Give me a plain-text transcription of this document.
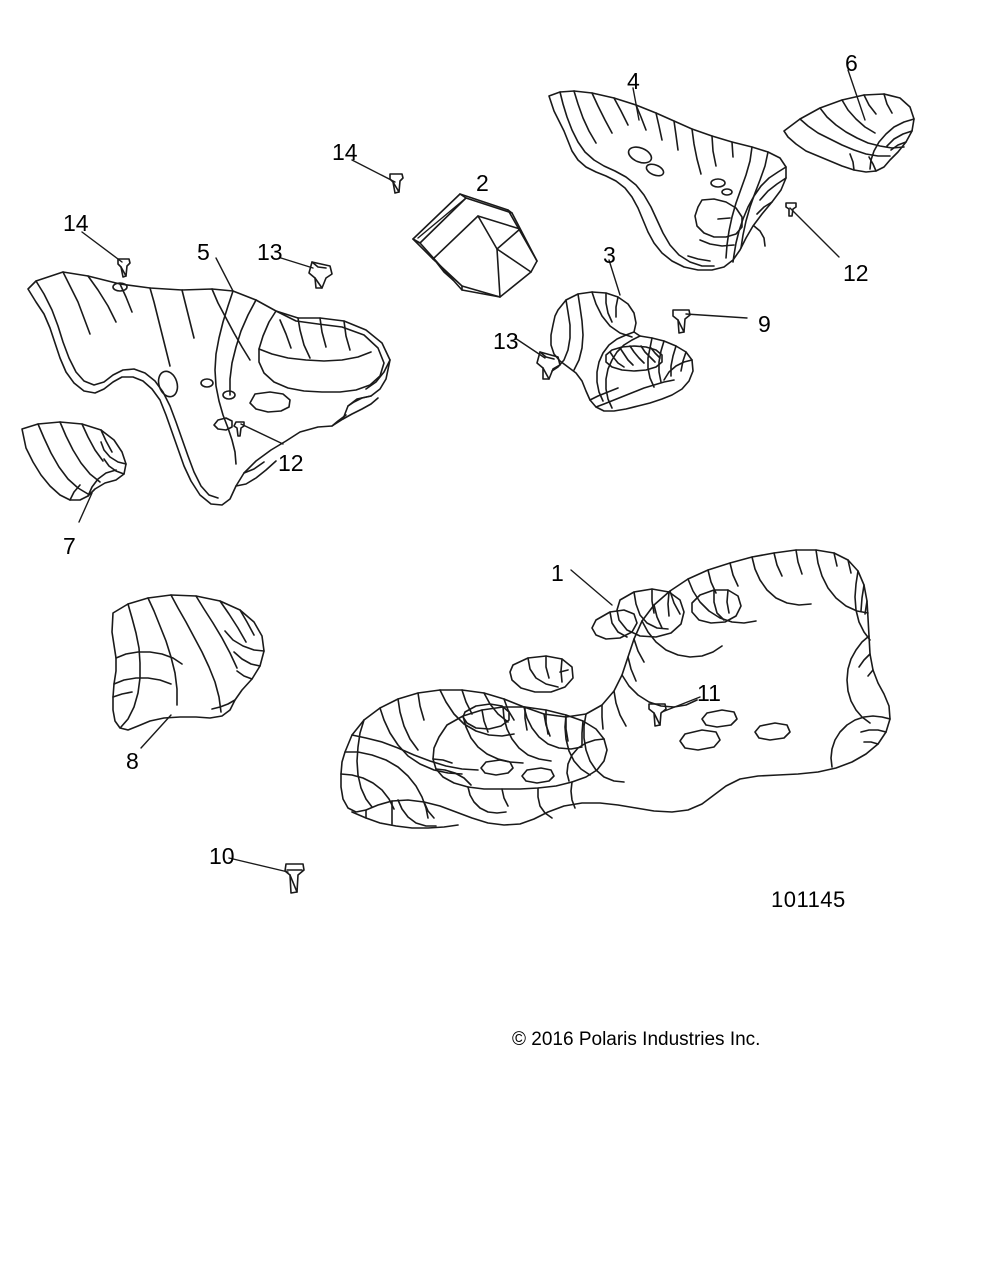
14
5 13
14
2
4
6
12
3
9
13
12
7
1
11
8
10
101145
© 2016 Polaris Industries Inc.
